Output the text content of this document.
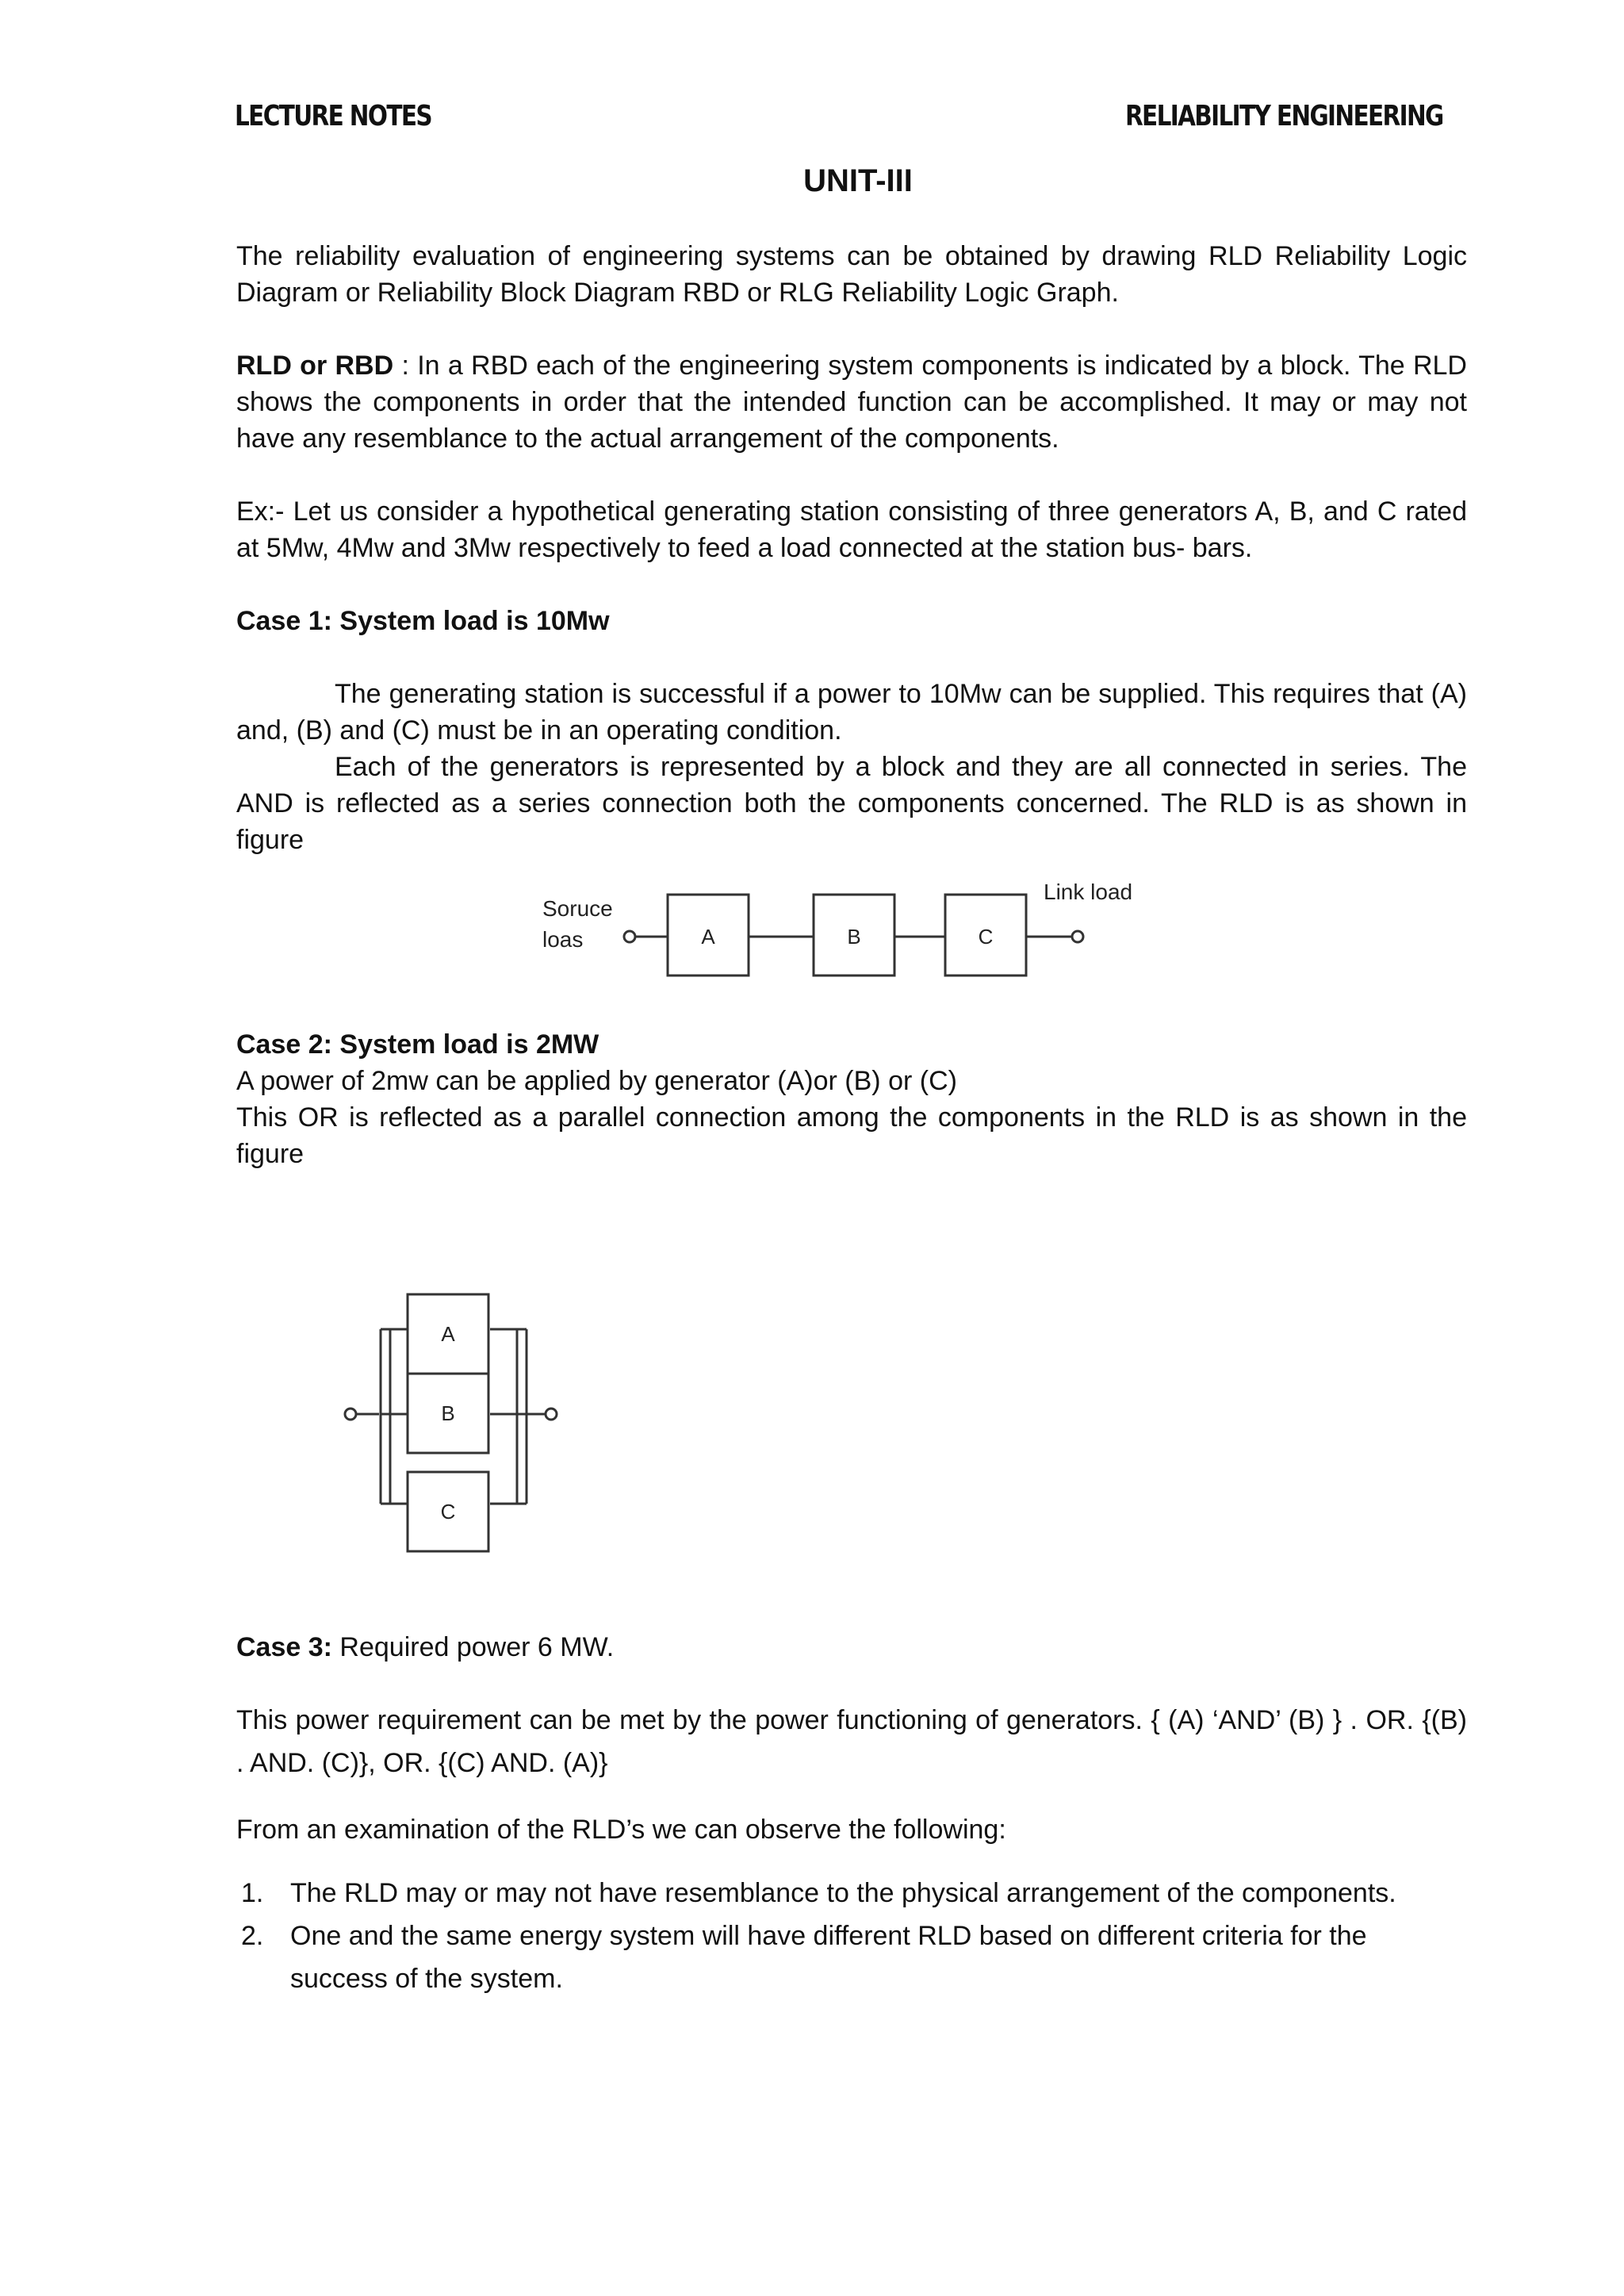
LECTURE NOTES	RELIABILITY ENGINEERING
UNIT-III

The reliability evaluation of engineering systems can be obtained by drawing RLD Reliability Logic Diagram or Reliability Block Diagram RBD or RLG Reliability Logic Graph.

RLD or RBD : In a RBD each of the engineering system components is indicated by a block. The RLD shows the components in order that the intended function can be accomplished. It may or may not have any resemblance to the actual arrangement of the components.

Ex:- Let us consider a hypothetical generating station consisting of three generators A, B, and C rated at 5Mw, 4Mw and 3Mw respectively to feed a load connected at the station bus- bars.

Case 1: System load is 10Mw

The generating station is successful if a power to 10Mw can be supplied. This requires that (A) and, (B) and (C) must be in an operating condition.

Each of the generators is represented by a block and they are all connected in series. The AND is reflected as a series connection both the components concerned. The RLD is as shown in figure

Soruce
loas
Link load
A	B	C

Case 2: System load is 2MW

A power of 2mw can be applied by generator (A)or (B) or (C)

This OR is reflected as a parallel connection among the components in the RLD is as shown in the figure

A
B
C

Case 3: Required power 6 MW.

This power requirement can be met by the power functioning of generators. { (A) ‘AND’ (B) } . OR. {(B) . AND. (C)}, OR. {(C) AND. (A)}

From an examination of the RLD’s we can observe the following:

1. The RLD may or may not have resemblance to the physical arrangement of the components.
2. One and the same energy system will have different RLD based on different criteria for the success of the system.
